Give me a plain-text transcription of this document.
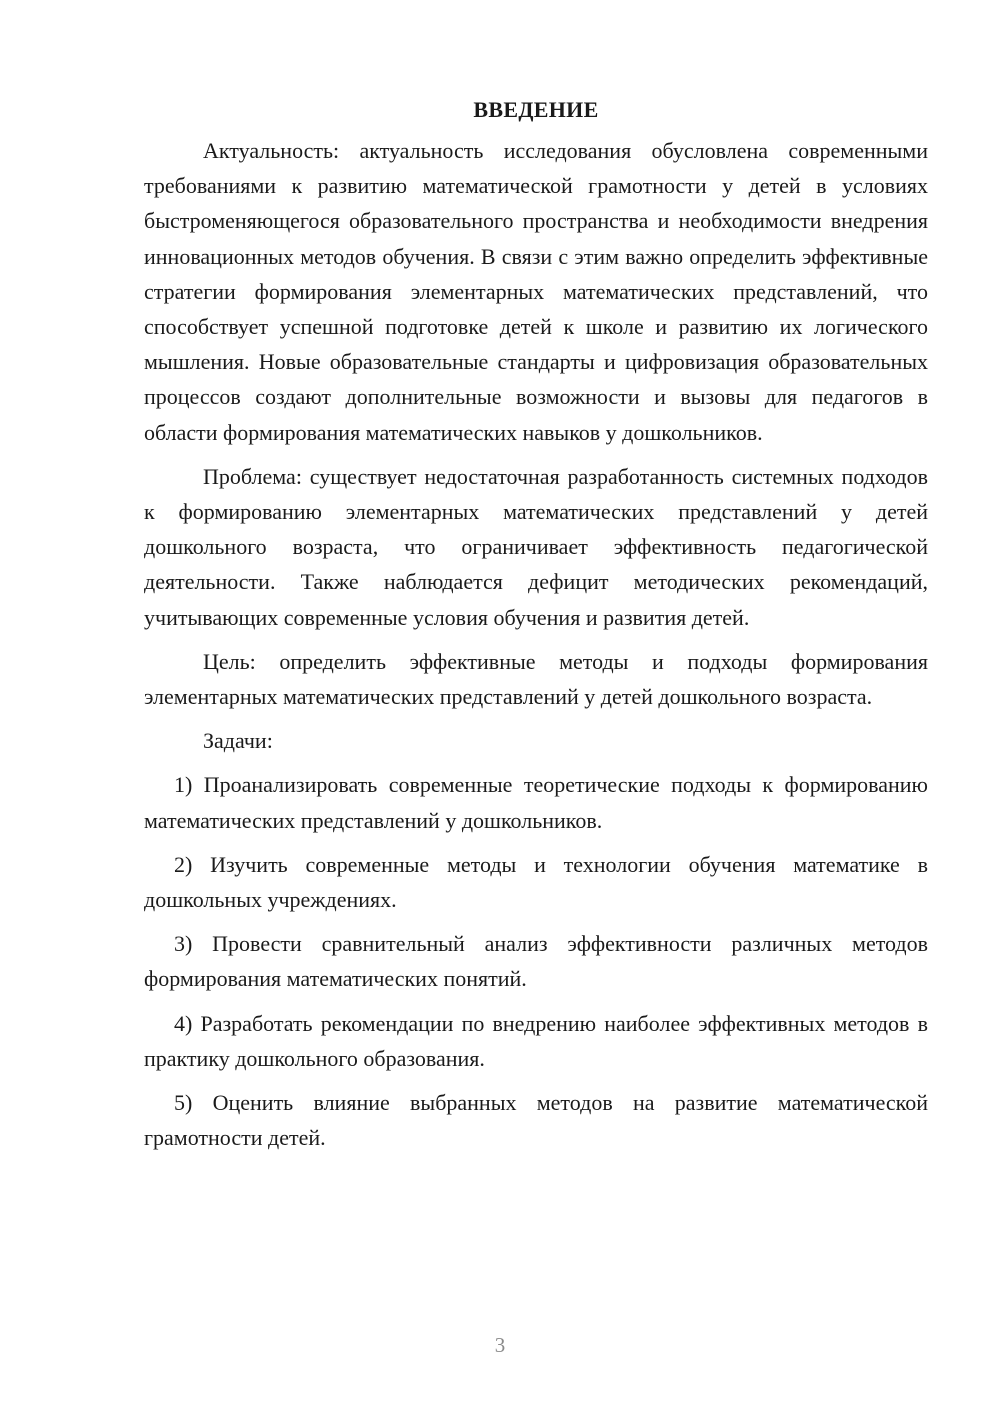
ВВЕДЕНИЕ

Актуальность: актуальность исследования обусловлена современными требованиями к развитию математической грамотности у детей в условиях быстроменяющегося образовательного пространства и необходимости внедрения инновационных методов обучения. В связи с этим важно определить эффективные стратегии формирования элементарных математических представлений, что способствует успешной подготовке детей к школе и развитию их логического мышления. Новые образовательные стандарты и цифровизация образовательных процессов создают дополнительные возможности и вызовы для педагогов в области формирования математических навыков у дошкольников.

Проблема: существует недостаточная разработанность системных подходов к формированию элементарных математических представлений у детей дошкольного возраста, что ограничивает эффективность педагогической деятельности. Также наблюдается дефицит методических рекомендаций, учитывающих современные условия обучения и развития детей.

Цель: определить эффективные методы и подходы формирования элементарных математических представлений у детей дошкольного возраста.

Задачи:

1) Проанализировать современные теоретические подходы к формированию математических представлений у дошкольников.

2) Изучить современные методы и технологии обучения математике в дошкольных учреждениях.

3) Провести сравнительный анализ эффективности различных методов формирования математических понятий.

4) Разработать рекомендации по внедрению наиболее эффективных методов в практику дошкольного образования.

5) Оценить влияние выбранных методов на развитие математической грамотности детей.

3
